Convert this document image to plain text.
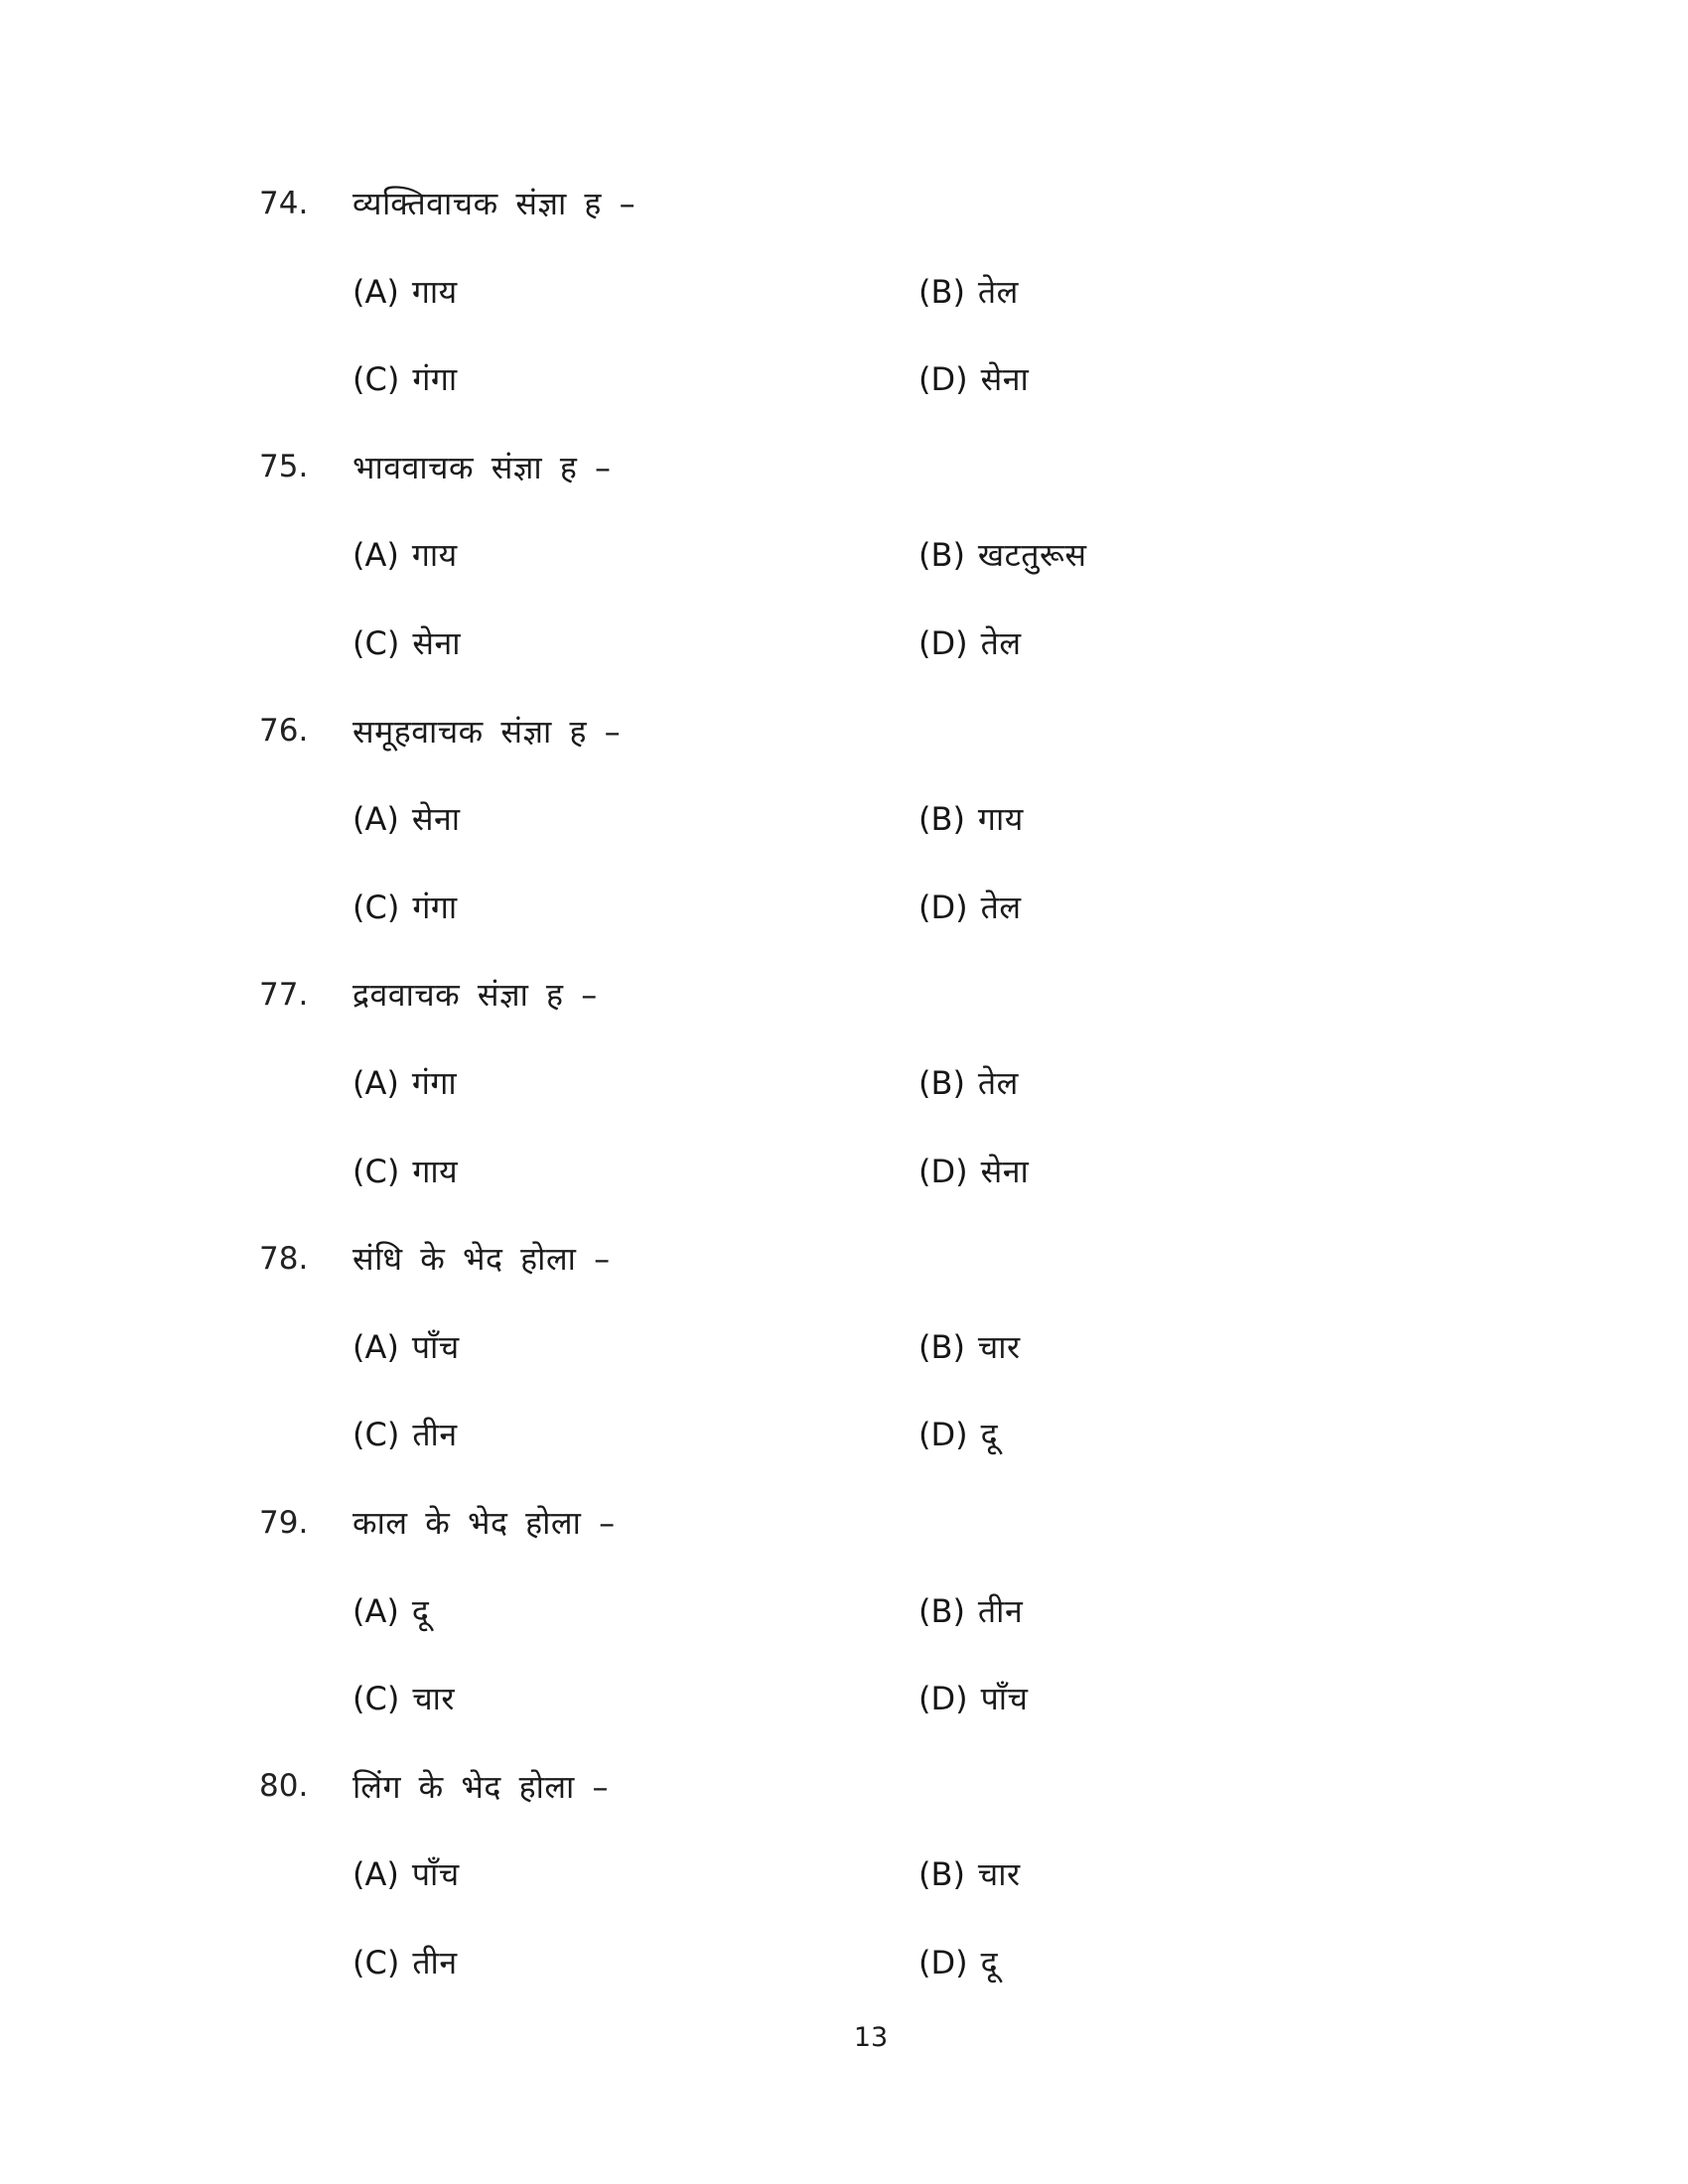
74.	व्यक्तिवाचक संज्ञा ह –
(A) गाय	(B) तेल
(C) गंगा	(D) सेना
75.	भाववाचक संज्ञा ह –
(A) गाय	(B) खटतुरूस
(C) सेना	(D) तेल
76.	समूहवाचक संज्ञा ह –
(A) सेना	(B) गाय
(C) गंगा	(D) तेल
77.	द्रववाचक संज्ञा ह –
(A) गंगा	(B) तेल
(C) गाय	(D) सेना
78.	संधि के भेद होला –
(A) पाँच	(B) चार
(C) तीन	(D) दू
79.	काल के भेद होला –
(A) दू	(B) तीन
(C) चार	(D) पाँच
80.	लिंग के भेद होला –
(A) पाँच	(B) चार
(C) तीन	(D) दू
13
